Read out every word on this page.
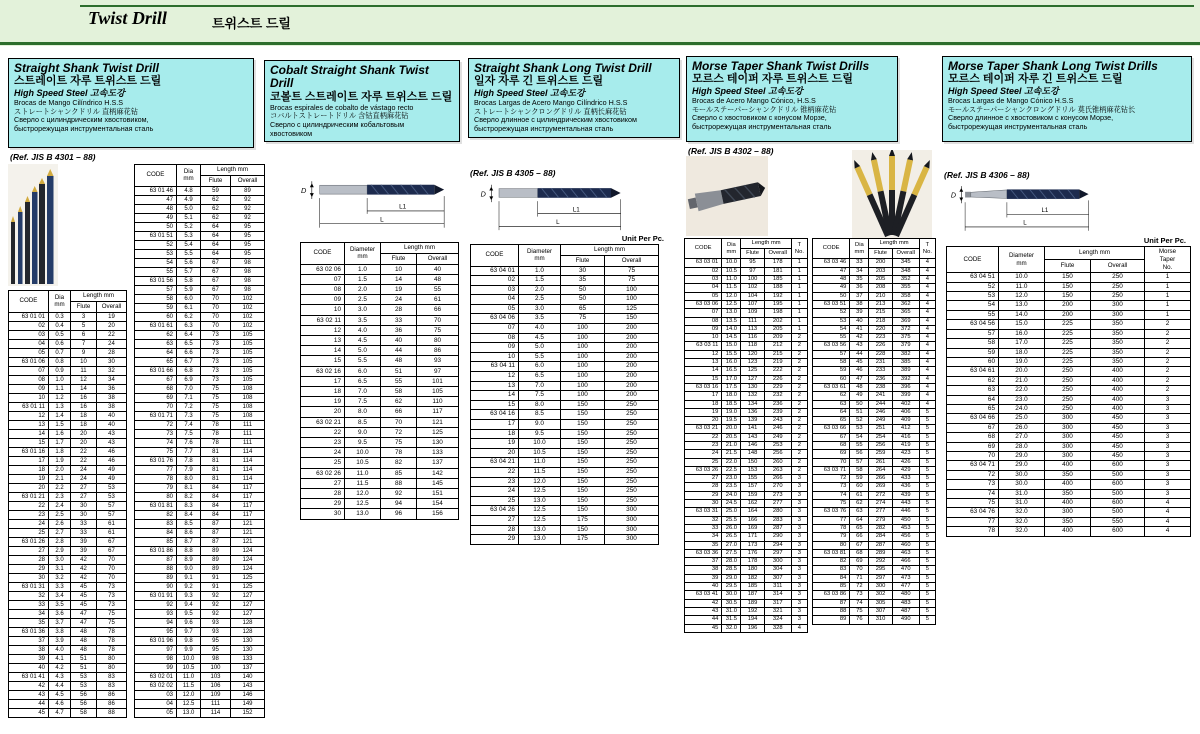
Twist Drill	트위스트 드릴
Straight Shank Twist Drill
스트레이트 자루 트위스트 드릴
High Speed Steel 고속도강
Brocas de Mango Cilíndrico H.S.S
ストレートシャンクドリル 直柄麻花钻
Сверло с цилиндрическим хвостовиком,
быстрорежущая инструментальная сталь
(Ref. JIS B 4301 – 88)
CODE	Dia
mm	Length mm	
		Flute	Overall
63 01 01	0.3	3	19
02	0.4	5	20
03	0.5	6	22
04	0.6	7	24
05	0.7	9	28
63 01 06	0.8	10	30
07	0.9	11	32
08	1.0	12	34
09	1.1	14	36
10	1.2	16	38
63 01 11	1.3	16	38
12	1.4	18	40
13	1.5	18	40
14	1.6	20	43
15	1.7	20	43
63 01 16	1.8	22	46
17	1.9	22	46
18	2.0	24	49
19	2.1	24	49
20	2.2	27	53
63 01 21	2.3	27	53
22	2.4	30	57
23	2.5	30	57
24	2.6	33	61
25	2.7	33	61
63 01 26	2.8	39	67
27	2.9	39	67
28	3.0	42	70
29	3.1	42	70
30	3.2	42	70
63 01 31	3.3	45	73
32	3.4	45	73
33	3.5	45	73
34	3.6	47	75
35	3.7	47	75
63 01 36	3.8	48	78
37	3.9	48	78
38	4.0	48	78
39	4.1	51	80
40	4.2	51	80
63 01 41	4.3	53	83
42	4.4	53	83
43	4.5	56	86
44	4.6	56	86
45	4.7	58	88
CODE	Dia
mm	Length mm	
		Flute	Overall
63 01 46	4.8	59	89
47	4.9	62	92
48	5.0	62	92
49	5.1	62	92
50	5.2	64	95
63 01 51	5.3	64	95
52	5.4	64	95
53	5.5	64	95
54	5.6	67	98
55	5.7	67	98
63 01 56	5.8	67	98
57	5.9	67	98
58	6.0	70	102
59	6.1	70	102
60	6.2	70	102
63 01 61	6.3	70	102
62	6.4	73	105
63	6.5	73	105
64	6.6	73	105
65	6.7	73	105
63 01 66	6.8	73	105
67	6.9	73	105
68	7.0	75	108
69	7.1	75	108
70	7.2	75	108
63 01 71	7.3	75	108
72	7.4	78	111
73	7.5	78	111
74	7.6	78	111
75	7.7	81	114
63 01 76	7.8	81	114
77	7.9	81	114
78	8.0	81	114
79	8.1	84	117
80	8.2	84	117
63 01 81	8.3	84	117
82	8.4	84	117
83	8.5	87	121
84	8.6	87	121
85	8.7	87	121
63 01 86	8.8	89	124
87	8.9	89	124
88	9.0	89	124
89	9.1	91	125
90	9.2	91	125
63 01 91	9.3	92	127
92	9.4	92	127
93	9.5	92	127
94	9.6	93	128
95	9.7	93	128
63 01 96	9.8	95	130
97	9.9	95	130
98	10.0	98	133
99	10.5	100	137
63 02 01	11.0	103	140
63 02 02	11.5	106	143
03	12.0	109	146
04	12.5	111	149
05	13.0	114	152
Cobalt Straight Shank Twist Drill
코볼트 스트레이트 자루 트위스트 드릴
Brocas espirales de cobalto de vástago recto
コバルトストレートドリル 含钴直柄麻花钻
Сверло с цилиндрическим кобальтовым
хвостовиком
D
L1
L
CODE	Diameter
mm	Length mm	
		Flute	Overall
63 02 06	1.0	10	40
07	1.5	14	48
08	2.0	19	55
09	2.5	24	61
10	3.0	28	66
63 02 11	3.5	33	70
12	4.0	36	75
13	4.5	40	80
14	5.0	44	86
15	5.5	48	93
63 02 16	6.0	51	97
17	6.5	55	101
18	7.0	58	105
19	7.5	62	110
20	8.0	66	117
63 02 21	8.5	70	121
22	9.0	72	125
23	9.5	75	130
24	10.0	78	133
25	10.5	82	137
63 02 26	11.0	85	142
27	11.5	88	145
28	12.0	92	151
29	12.5	94	154
30	13.0	96	156
Straight Shank Long Twist Drill
일자 자루 긴 트위스트 드릴
High Speed Steel 고속도강
Brocas Largas de Acero Mango Cilíndrico H.S.S
ストレートシャンクロングドリル 直柄长麻花钻
Сверло длинное с цилиндрическим хвостовиком
быстрорежущая инструментальная сталь
(Ref. JIS B 4305 – 88)
D
L1
L
Unit Per Pc.
CODE	Diameter
mm	Length mm	
		Flute	Overall
63 04 01	1.0	30	75
02	1.5	35	75
03	2.0	50	100
04	2.5	50	100
05	3.0	65	125
63 04 06	3.5	75	150
07	4.0	100	200
08	4.5	100	200
09	5.0	100	200
10	5.5	100	200
63 04 11	6.0	100	200
12	6.5	100	200
13	7.0	100	200
14	7.5	100	200
15	8.0	150	250
63 04 16	8.5	150	250
17	9.0	150	250
18	9.5	150	250
19	10.0	150	250
20	10.5	150	250
63 04 21	11.0	150	250
22	11.5	150	250
23	12.0	150	250
24	12.5	150	250
25	13.0	150	250
63 04 26	12.5	150	300
27	12.5	175	300
28	13.0	150	300
29	13.0	175	300
Morse Taper Shank Twist Drills
모르스 테이퍼 자루 트위스트 드릴
High Speed Steel 고속도강
Brocas de Acero Mango Cónico, H.S.S
モールステーパーシャンクドリル 锥柄麻花钻
Сверло с хвостовиком с конусом Морзе,
быстрорежущая инструментальная сталь
(Ref. JIS B 4302 – 88)
CODE	Dia
mm	Length mm		T
No.
		Flute	Overall	
63 03 01	10.0	95	178	1
02	10.5	97	181	1
03	11.0	100	185	1
04	11.5	102	188	1
05	12.0	104	192	1
63 03 06	12.5	107	195	1
07	13.0	109	198	1
08	13.5	111	202	1
09	14.0	113	205	1
10	14.5	116	209	2
63 03 11	15.0	118	212	2
12	15.5	120	215	2
13	16.0	123	219	2
14	16.5	125	222	2
15	17.0	127	226	2
63 03 16	17.5	130	229	2
17	18.0	132	232	2
18	18.5	134	236	2
19	19.0	136	239	2
20	19.5	139	243	2
63 03 21	20.0	141	246	2
22	20.5	143	249	2
23	21.0	146	253	2
24	21.5	148	256	2
25	22.0	150	260	2
63 03 26	22.5	153	263	2
27	23.0	155	266	3
28	23.5	157	270	3
29	24.0	159	273	3
30	24.5	162	277	3
63 03 31	25.0	164	280	3
32	25.5	166	283	3
33	26.0	169	287	3
34	26.5	171	290	3
35	27.0	173	294	3
63 03 36	27.5	176	297	3
37	28.0	178	300	3
38	28.5	180	304	3
39	29.0	182	307	3
40	29.5	185	311	3
63 03 41	30.0	187	314	3
42	30.5	189	317	3
43	31.0	192	321	3
44	31.5	194	324	3
45	32.0	196	328	4
CODE	Dia
mm	Length mm		T
No.
		Flute	Overall	
63 03 46	33	200	345	4
47	34	203	348	4
48	35	205	352	4
49	36	208	355	4
50	37	210	358	4
63 03 51	38	213	362	4
52	39	215	365	4
53	40	218	369	4
54	41	220	372	4
55	42	223	375	4
63 03 56	43	226	379	4
57	44	228	382	4
58	45	231	385	4
59	46	233	389	4
60	47	236	392	4
63 03 61	48	238	396	4
62	49	241	399	4
63	50	244	402	4
64	51	246	406	5
65	52	249	409	5
63 03 66	53	251	412	5
67	54	254	416	5
68	55	256	419	5
69	56	259	423	5
70	57	261	426	5
63 03 71	58	264	429	5
72	59	266	433	5
73	60	269	436	5
74	61	272	439	5
75	62	274	443	5
63 03 76	63	277	446	5
77	64	279	450	5
78	65	282	453	5
79	66	284	456	5
80	67	287	460	5
63 03 81	68	289	463	5
82	69	292	466	5
83	70	295	470	5
84	71	297	473	5
85	72	300	477	5
63 03 86	73	302	480	5
87	74	305	483	5
88	75	307	487	5
89	76	310	490	5
Morse Taper Shank Long Twist Drills
모르스 테이퍼 자루 긴 트위스트 드릴
High Speed Steel 고속도강
Brocas Largas de Mango Cónico H.S.S
モールステーパーシャンクロングドリル 莫氏锥柄麻花钻长
Сверло длинное с хвостовиком с конусом Морзе,
быстрорежущая инструментальная сталь
(Ref. JIS B 4306 – 88)
D
L1
L
Unit Per Pc.
CODE	Diameter
mm	Length mm		Morse
Taper
No.
		Flute	Overall	
63 04 51	10.0	150	250	1
52	11.0	150	250	1
53	12.0	150	250	1
54	13.0	200	300	1
55	14.0	200	300	1
63 04 56	15.0	225	350	2
57	16.0	225	350	2
58	17.0	225	350	2
59	18.0	225	350	2
60	19.0	225	350	2
63 04 61	20.0	250	400	2
62	21.0	250	400	2
63	22.0	250	400	2
64	23.0	250	400	3
65	24.0	250	400	3
63 04 66	25.0	300	450	3
67	26.0	300	450	3
68	27.0	300	450	3
69	28.0	300	450	3
70	29.0	300	450	3
63 04 71	29.0	400	600	3
72	30.0	350	500	3
73	30.0	400	600	3
74	31.0	350	500	3
75	31.0	400	600	4
63 04 76	32.0	300	500	4
77	32.0	350	550	4
78	32.0	400	600	4
